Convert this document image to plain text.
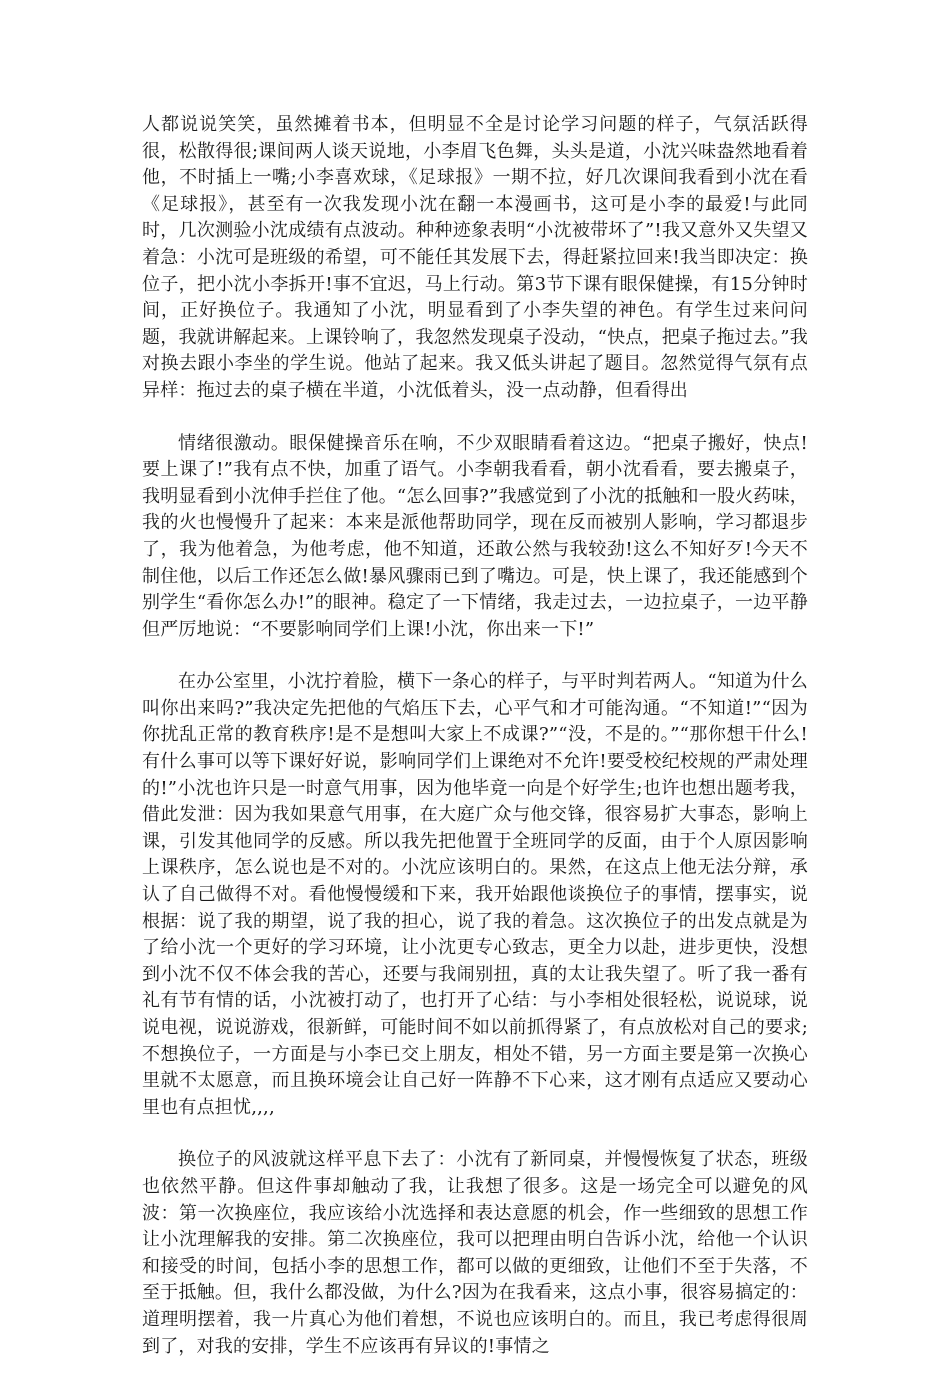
人都说说笑笑，虽然摊着书本，但明显不全是讨论学习问题的样子，气氛活跃得很，松散得很;课间两人谈天说地，小李眉飞色舞，头头是道，小沈兴味盎然地看着他，不时插上一嘴;小李喜欢球，《足球报》一期不拉，好几次课间我看到小沈在看《足球报》，甚至有一次我发现小沈在翻一本漫画书，这可是小李的最爱!与此同时，几次测验小沈成绩有点波动。种种迹象表明“小沈被带坏了”!我又意外又失望又着急：小沈可是班级的希望，可不能任其发展下去，得赶紧拉回来!我当即决定：换位子，把小沈小李拆开!事不宜迟，马上行动。第3节下课有眼保健操，有15分钟时间，正好换位子。我通知了小沈，明显看到了小李失望的神色。有学生过来问问题，我就讲解起来。上课铃响了，我忽然发现桌子没动，“快点，把桌子拖过去。”我对换去跟小李坐的学生说。他站了起来。我又低头讲起了题目。忽然觉得气氛有点异样：拖过去的桌子横在半道，小沈低着头，没一点动静，但看得出

情绪很激动。眼保健操音乐在响，不少双眼睛看着这边。“把桌子搬好，快点!要上课了!”我有点不快，加重了语气。小李朝我看看，朝小沈看看，要去搬桌子，我明显看到小沈伸手拦住了他。“怎么回事?”我感觉到了小沈的抵触和一股火药味，我的火也慢慢升了起来：本来是派他帮助同学，现在反而被别人影响，学习都退步了，我为他着急，为他考虑，他不知道，还敢公然与我较劲!这么不知好歹!今天不制住他，以后工作还怎么做!暴风骤雨已到了嘴边。可是，快上课了，我还能感到个别学生“看你怎么办!”的眼神。稳定了一下情绪，我走过去，一边拉桌子，一边平静但严厉地说：“不要影响同学们上课!小沈，你出来一下!”

在办公室里，小沈拧着脸，横下一条心的样子，与平时判若两人。“知道为什么叫你出来吗?”我决定先把他的气焰压下去，心平气和才可能沟通。“不知道!”“因为你扰乱正常的教育秩序!是不是想叫大家上不成课?”“没，不是的。”“那你想干什么!有什么事可以等下课好好说，影响同学们上课绝对不允许!要受校纪校规的严肃处理的!”小沈也许只是一时意气用事，因为他毕竟一向是个好学生;也许也想出题考我，借此发泄：因为我如果意气用事，在大庭广众与他交锋，很容易扩大事态，影响上课，引发其他同学的反感。所以我先把他置于全班同学的反面，由于个人原因影响上课秩序，怎么说也是不对的。小沈应该明白的。果然，在这点上他无法分辩，承认了自己做得不对。看他慢慢缓和下来，我开始跟他谈换位子的事情，摆事实，说根据：说了我的期望，说了我的担心，说了我的着急。这次换位子的出发点就是为了给小沈一个更好的学习环境，让小沈更专心致志，更全力以赴，进步更快，没想到小沈不仅不体会我的苦心，还要与我闹别扭，真的太让我失望了。听了我一番有礼有节有情的话，小沈被打动了，也打开了心结：与小李相处很轻松，说说球，说说电视，说说游戏，很新鲜，可能时间不如以前抓得紧了，有点放松对自己的要求;不想换位子，一方面是与小李已交上朋友，相处不错，另一方面主要是第一次换心里就不太愿意，而且换环境会让自己好一阵静不下心来，这才刚有点适应又要动心里也有点担忧,,,,

换位子的风波就这样平息下去了：小沈有了新同桌，并慢慢恢复了状态，班级也依然平静。但这件事却触动了我，让我想了很多。这是一场完全可以避免的风波：第一次换座位，我应该给小沈选择和表达意愿的机会，作一些细致的思想工作让小沈理解我的安排。第二次换座位，我可以把理由明白告诉小沈，给他一个认识和接受的时间，包括小李的思想工作，都可以做的更细致，让他们不至于失落，不至于抵触。但，我什么都没做，为什么?因为在我看来，这点小事，很容易搞定的：道理明摆着，我一片真心为他们着想，不说也应该明白的。而且，我已考虑得很周到了，对我的安排，学生不应该再有异议的!事情之
